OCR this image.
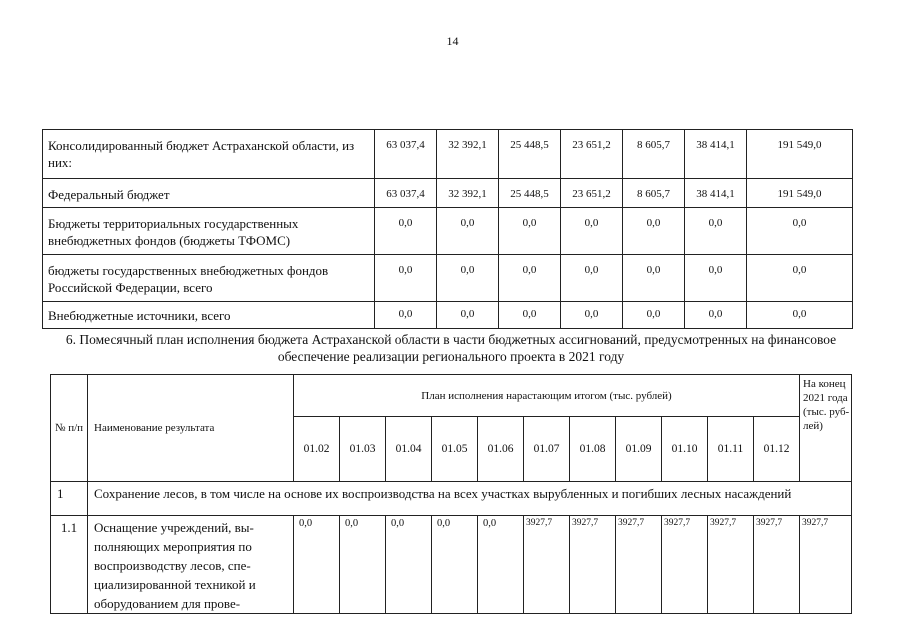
14
Консолидированный бюджет Астраханской области, из них:	63 037,4	32 392,1	25 448,5	23 651,2	8 605,7	38 414,1	191 549,0
Федеральный бюджет	63 037,4	32 392,1	25 448,5	23 651,2	8 605,7	38 414,1	191 549,0
Бюджеты территориальных государственных внебюджетных фондов (бюджеты ТФОМС)	0,0	0,0	0,0	0,0	0,0	0,0	0,0
бюджеты государственных внебюджетных фондов Российской Федерации, всего	0,0	0,0	0,0	0,0	0,0	0,0	0,0
Внебюджетные источники, всего	0,0	0,0	0,0	0,0	0,0	0,0	0,0
6. Помесячный план исполнения бюджета Астраханской области в части бюджетных ассигнований, предусмотренных на финансовое обеспечение реализации регионального проекта в 2021 году
№ п/п	Наименование результата	План исполнения нарастающим итогом (тыс. рублей)											На конец 2021 года (тыс. руб- лей)
		01.02	01.03	01.04	01.05	01.06	01.07	01.08	01.09	01.10	01.11	01.12	
1	Сохранение лесов, в том числе на основе их воспроизводства на всех участках вырубленных и погибших лесных насаждений												
1.1	Оснащение учреждений, вы- полняющих мероприятия по воспроизводству лесов, спе- циализированной техникой и оборудованием для прове-	0,0	0,0	0,0	0,0	0,0	3927,7	3927,7	3927,7	3927,7	3927,7	3927,7	3927,7
